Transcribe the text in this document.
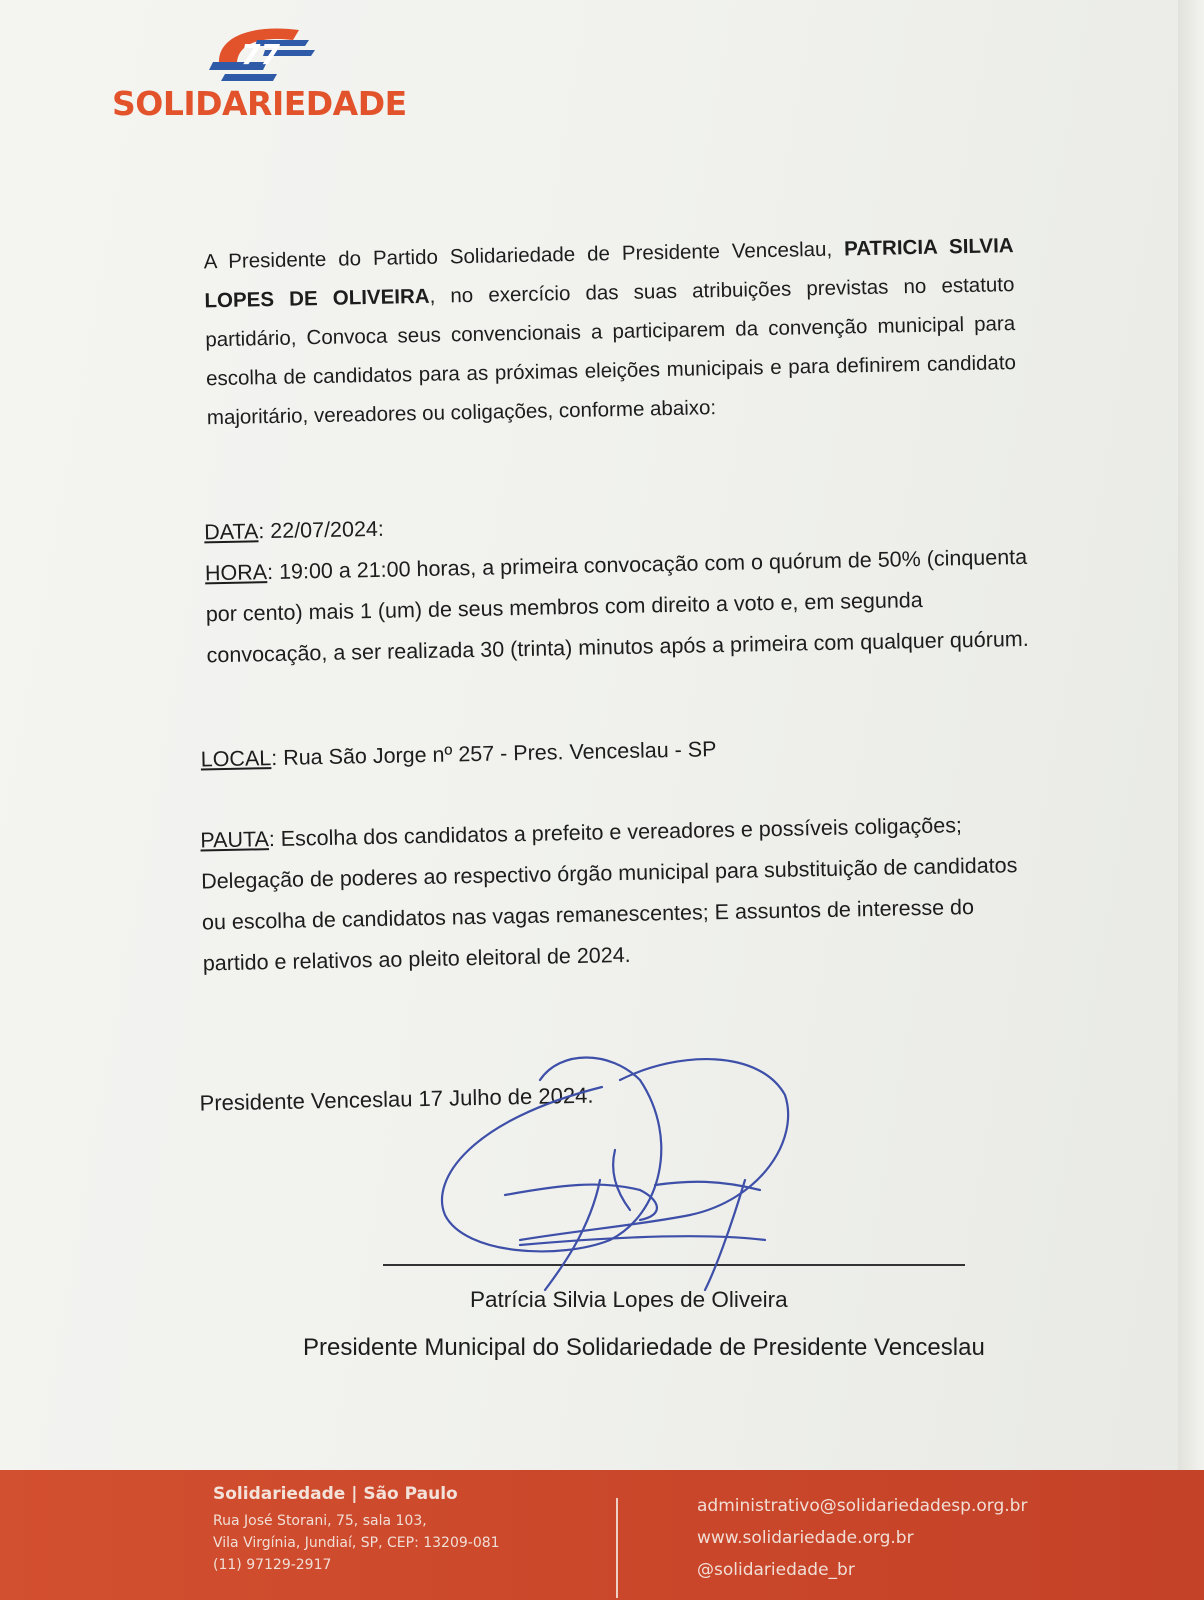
77
SOLIDARIEDADE

A Presidente do Partido Solidariedade de Presidente Venceslau, PATRICIA SILVIA LOPES DE OLIVEIRA, no exercício das suas atribuições previstas no estatuto partidário, Convoca seus convencionais a participarem da convenção municipal para escolha de candidatos para as próximas eleições municipais e para definirem candidato majoritário, vereadores ou coligações, conforme abaixo:

DATA: 22/07/2024:
HORA: 19:00 a 21:00 horas, a primeira convocação com o quórum de 50% (cinquenta por cento) mais 1 (um) de seus membros com direito a voto e, em segunda convocação, a ser realizada 30 (trinta) minutos após a primeira com qualquer quórum.

LOCAL: Rua São Jorge nº 257 - Pres. Venceslau - SP

PAUTA: Escolha dos candidatos a prefeito e vereadores e possíveis coligações; Delegação de poderes ao respectivo órgão municipal para substituição de candidatos ou escolha de candidatos nas vagas remanescentes; E assuntos de interesse do partido e relativos ao pleito eleitoral de 2024.

Presidente Venceslau 17 Julho de 2024.

Patrícia Silvia Lopes de Oliveira
Presidente Municipal do Solidariedade de Presidente Venceslau
Solidariedade | São Paulo
Rua José Storani, 75, sala 103,
Vila Virgínia, Jundiaí, SP, CEP: 13209-081
(11) 97129-2917
administrativo@solidariedadesp.org.br
www.solidariedade.org.br
@solidariedade_br
